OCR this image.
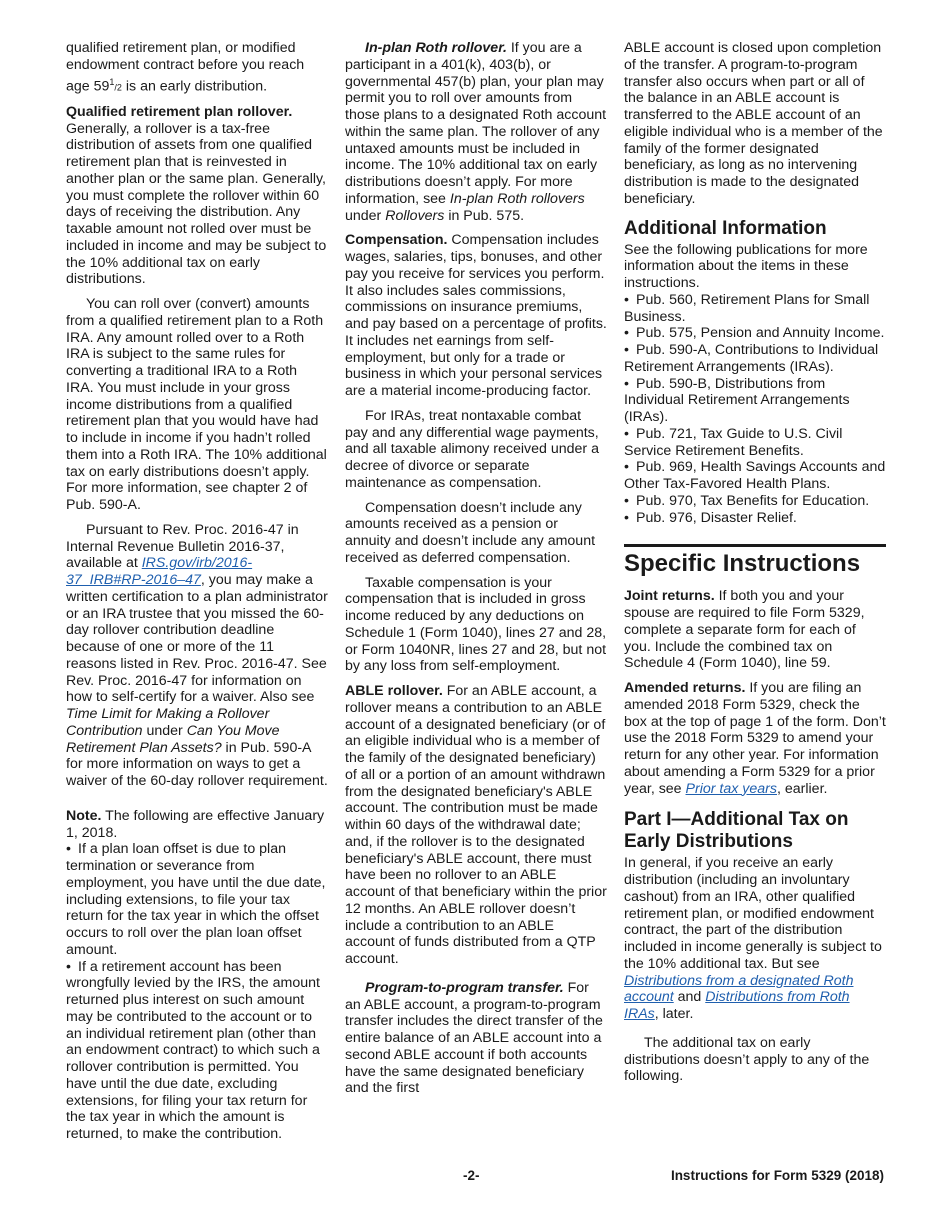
qualified retirement plan, or modified endowment contract before you reach age $59^1/2$ is an early distribution.

Qualified retirement plan rollover.
Generally, a rollover is a tax-free distribution of assets from one qualified retirement plan that is reinvested in another plan or the same plan. Generally, you must complete the rollover within 60 days of receiving the distribution. Any taxable amount not rolled over must be included in income and may be subject to the 10% additional tax on early distributions.

You can roll over (convert) amounts from a qualified retirement plan to a Roth IRA. Any amount rolled over to a Roth IRA is subject to the same rules for converting a traditional IRA to a Roth IRA. You must include in your gross income distributions from a qualified retirement plan that you would have had to include in income if you hadn’t rolled them into a Roth IRA. The 10% additional tax on early distributions doesn’t apply. For more information, see chapter 2 of Pub. 590-A.

Pursuant to Rev. Proc. 2016-47 in Internal Revenue Bulletin 2016-37, available at IRS.gov/irb/2016-37_IRB#RP-2016–47, you may make a written certification to a plan administrator or an IRA trustee that you missed the 60-day rollover contribution deadline because of one or more of the 11 reasons listed in Rev. Proc. 2016-47. See Rev. Proc. 2016-47 for information on how to self-certify for a waiver. Also see Time Limit for Making a Rollover Contribution under Can You Move Retirement Plan Assets? in Pub. 590-A for more information on ways to get a waiver of the 60-day rollover requirement.

Note. The following are effective January 1, 2018.

• If a plan loan offset is due to plan termination or severance from employment, you have until the due date, including extensions, to file your tax return for the tax year in which the offset occurs to roll over the plan loan offset amount.
• If a retirement account has been wrongfully levied by the IRS, the amount returned plus interest on such amount may be contributed to the account or to an individual retirement plan (other than an endowment contract) to which such a rollover contribution is permitted. You have until the due date, excluding extensions, for filing your tax return for the tax year in which the amount is returned, to make the contribution.

In-plan Roth rollover. If you are a participant in a 401(k), 403(b), or governmental 457(b) plan, your plan may permit you to roll over amounts from those plans to a designated Roth account within the same plan. The rollover of any untaxed amounts must be included in income. The 10% additional tax on early distributions doesn’t apply. For more information, see In-plan Roth rollovers under Rollovers in Pub. 575.

Compensation. Compensation includes wages, salaries, tips, bonuses, and other pay you receive for services you perform. It also includes sales commissions, commissions on insurance premiums, and pay based on a percentage of profits. It includes net earnings from self-employment, but only for a trade or business in which your personal services are a material income-producing factor.

For IRAs, treat nontaxable combat pay and any differential wage payments, and all taxable alimony received under a decree of divorce or separate maintenance as compensation.

Compensation doesn’t include any amounts received as a pension or annuity and doesn’t include any amount received as deferred compensation.

Taxable compensation is your compensation that is included in gross income reduced by any deductions on Schedule 1 (Form 1040), lines 27 and 28, or Form 1040NR, lines 27 and 28, but not by any loss from self-employment.

ABLE rollover. For an ABLE account, a rollover means a contribution to an ABLE account of a designated beneficiary (or of an eligible individual who is a member of the family of the designated beneficiary) of all or a portion of an amount withdrawn from the designated beneficiary's ABLE account. The contribution must be made within 60 days of the withdrawal date; and, if the rollover is to the designated beneficiary's ABLE account, there must have been no rollover to an ABLE account of that beneficiary within the prior 12 months. An ABLE rollover doesn’t include a contribution to an ABLE account of funds distributed from a QTP account.

Program-to-program transfer. For an ABLE account, a program-to-program transfer includes the direct transfer of the entire balance of an ABLE account into a second ABLE account if both accounts have the same designated beneficiary and the first

ABLE account is closed upon completion of the transfer. A program-to-program transfer also occurs when part or all of the balance in an ABLE account is transferred to the ABLE account of an eligible individual who is a member of the family of the former designated beneficiary, as long as no intervening distribution is made to the designated beneficiary.

Additional Information

See the following publications for more information about the items in these instructions.

• Pub. 560, Retirement Plans for Small Business.
• Pub. 575, Pension and Annuity Income.
• Pub. 590-A, Contributions to Individual Retirement Arrangements (IRAs).
• Pub. 590-B, Distributions from Individual Retirement Arrangements (IRAs).
• Pub. 721, Tax Guide to U.S. Civil Service Retirement Benefits.
• Pub. 969, Health Savings Accounts and Other Tax-Favored Health Plans.
• Pub. 970, Tax Benefits for Education.
• Pub. 976, Disaster Relief.
Specific Instructions

Joint returns. If both you and your spouse are required to file Form 5329, complete a separate form for each of you. Include the combined tax on Schedule 4 (Form 1040), line 59.

Amended returns. If you are filing an amended 2018 Form 5329, check the box at the top of page 1 of the form. Don’t use the 2018 Form 5329 to amend your return for any other year. For information about amending a Form 5329 for a prior year, see Prior tax years, earlier.

Part I—Additional Tax on Early Distributions

In general, if you receive an early distribution (including an involuntary cashout) from an IRA, other qualified retirement plan, or modified endowment contract, the part of the distribution included in income generally is subject to the 10% additional tax. But see Distributions from a designated Roth account and Distributions from Roth IRAs, later.

The additional tax on early distributions doesn’t apply to any of the following.

-2-	Instructions for Form 5329 (2018)
